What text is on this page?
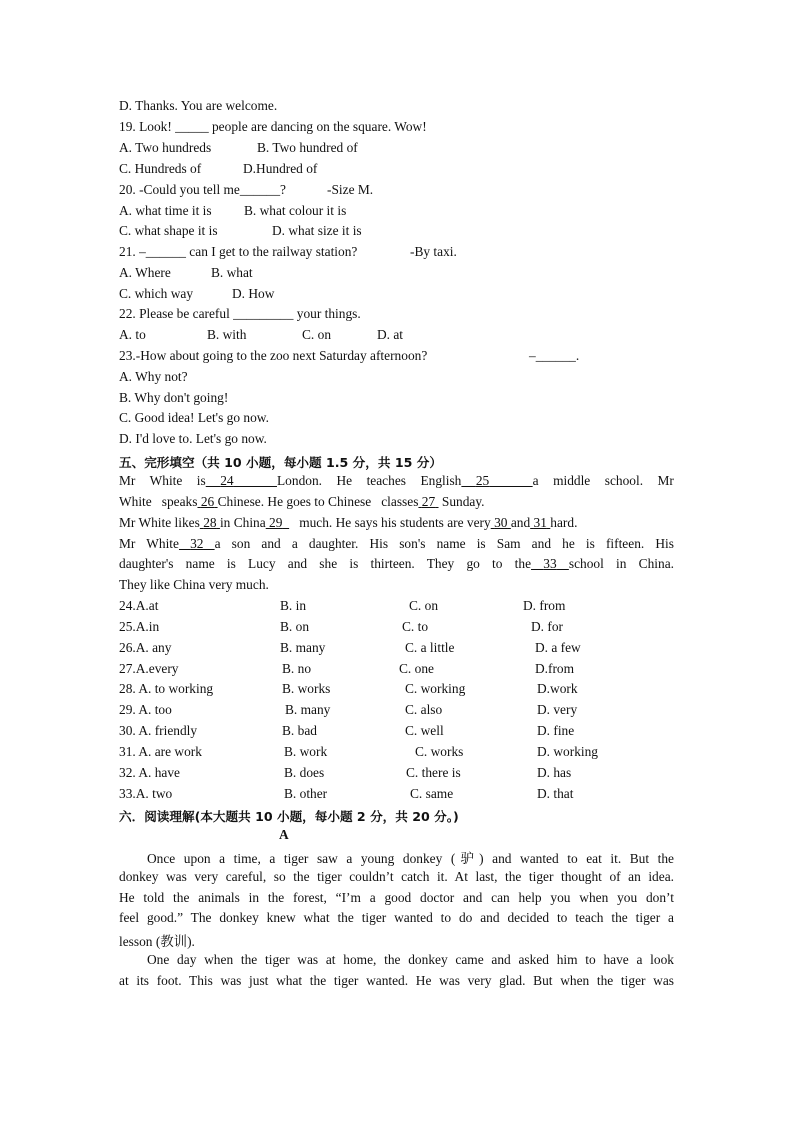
D. Thanks. You are welcome.
19. Look! _____ people are dancing on the square. Wow!
A. Two hundreds	B. Two hundred of
C. Hundreds of	D.Hundred of
20. -Could you tell me______?	-Size M.
A. what time it is B. what colour it is
C. what shape it is	D. what size it is
21. –______ can I get to the railway station?	-By taxi.
A. Where	B. what
C. which way	D. How
22. Please be careful _________ your things.
A. to	B. with	C. on	D. at
23.-How about going to the zoo next Saturday afternoon?	–______.
A. Why not?
B. Why don't going!
C. Good idea! Let's go now.
D. I'd love to. Let's go now.
五、完形填空（共 10 小题，每小题 1.5 分，共 15 分）
Mr White is 24	London. He teaches English 25	a middle school. Mr
White speaks 26 Chinese. He goes to Chinese classes 27 Sunday.
Mr White likes 28 in China 29 much. He says his students are very 30 and 31 hard.
Mr White 32 a son and a daughter. His son's name is Sam and he is fifteen. His
daughter's name is Lucy and she is thirteen. They go to the 33 school in China.
They like China very much.
24.A.at	B. in	C. on	D. from
25.A.in	B. on	C. to	D. for
26.A. any	B. many	C. a little	D. a few
27.A.every	B. no	C. one	D.from
28. A. to working	B. works	C. working	D.work
29. A. too	B. many	C. also	D. very
30. A. friendly	B. bad	C. well	D. fine
31. A. are work	B. work	C. works	D. working
32. A. have	B. does	C. there is	D. has
33.A. two	B. other	C. same	D. that
六．阅读理解(本大题共 10 小题，每小题 2 分，共 20 分。)
A
Once upon a time, a tiger saw a young donkey (驴) and wanted to eat it. But the
donkey was very careful, so the tiger couldn’t catch it. At last, the tiger thought of an idea.
He told the animals in the forest, “I’m a good doctor and can help you when you don’t
feel good.” The donkey knew what the tiger wanted to do and decided to teach the tiger a
lesson (教训).
One day when the tiger was at home, the donkey came and asked him to have a look
at its foot. This was just what the tiger wanted. He was very glad. But when the tiger was
